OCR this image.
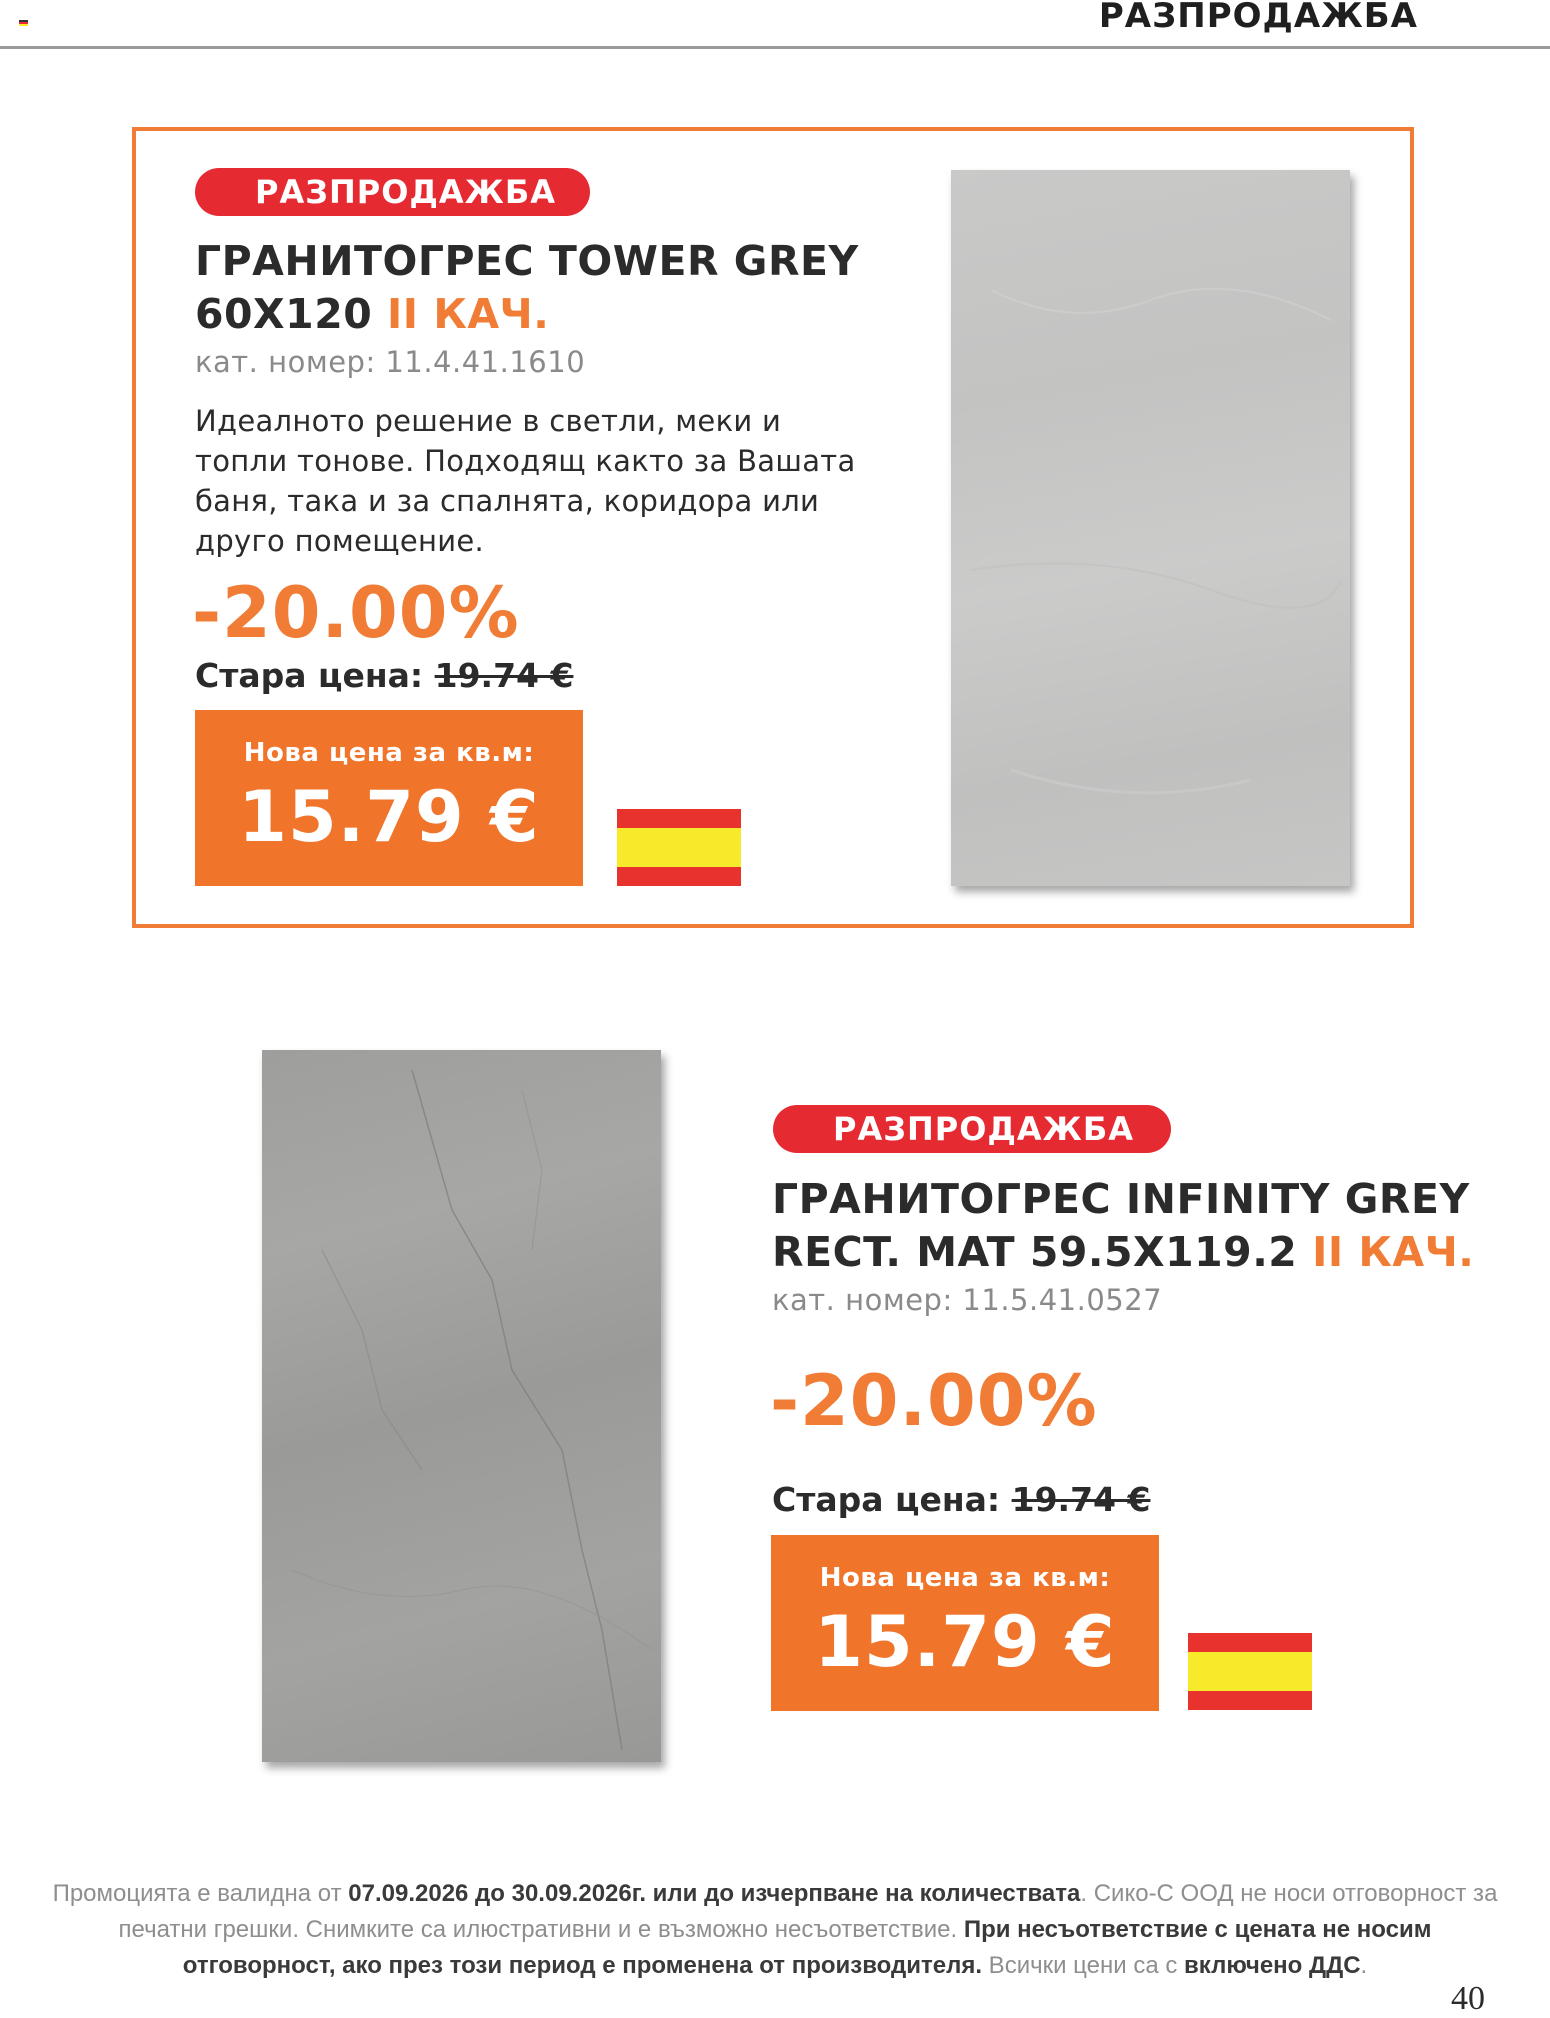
РАЗПРОДАЖБА
РАЗПРОДАЖБА
ГРАНИТОГРЕС TOWER GREY
60X120 II КАЧ.
кат. номер: 11.4.41.1610
Идеалното решение в светли, меки и топли тонове. Подходящ както за Вашата баня, така и за спалнята, коридора или друго помещение.
-20.00%
Стара цена: 19.74 €
Нова цена за кв.м:
15.79 €
РАЗПРОДАЖБА
ГРАНИТОГРЕС INFINITY GREY
RECT. MAT 59.5X119.2 II КАЧ.
кат. номер: 11.5.41.0527
-20.00%
Стара цена: 19.74 €
Нова цена за кв.м:
15.79 €
Промоцията е валидна от 07.09.2026 до 30.09.2026г. или до изчерпване на количествата. Сико-С ООД не носи отговорност за печатни грешки. Снимките са илюстративни и е възможно несъответствие. При несъответствие с цената не носим отговорност, ако през този период е променена от производителя. Всички цени са с включено ДДС.
40
